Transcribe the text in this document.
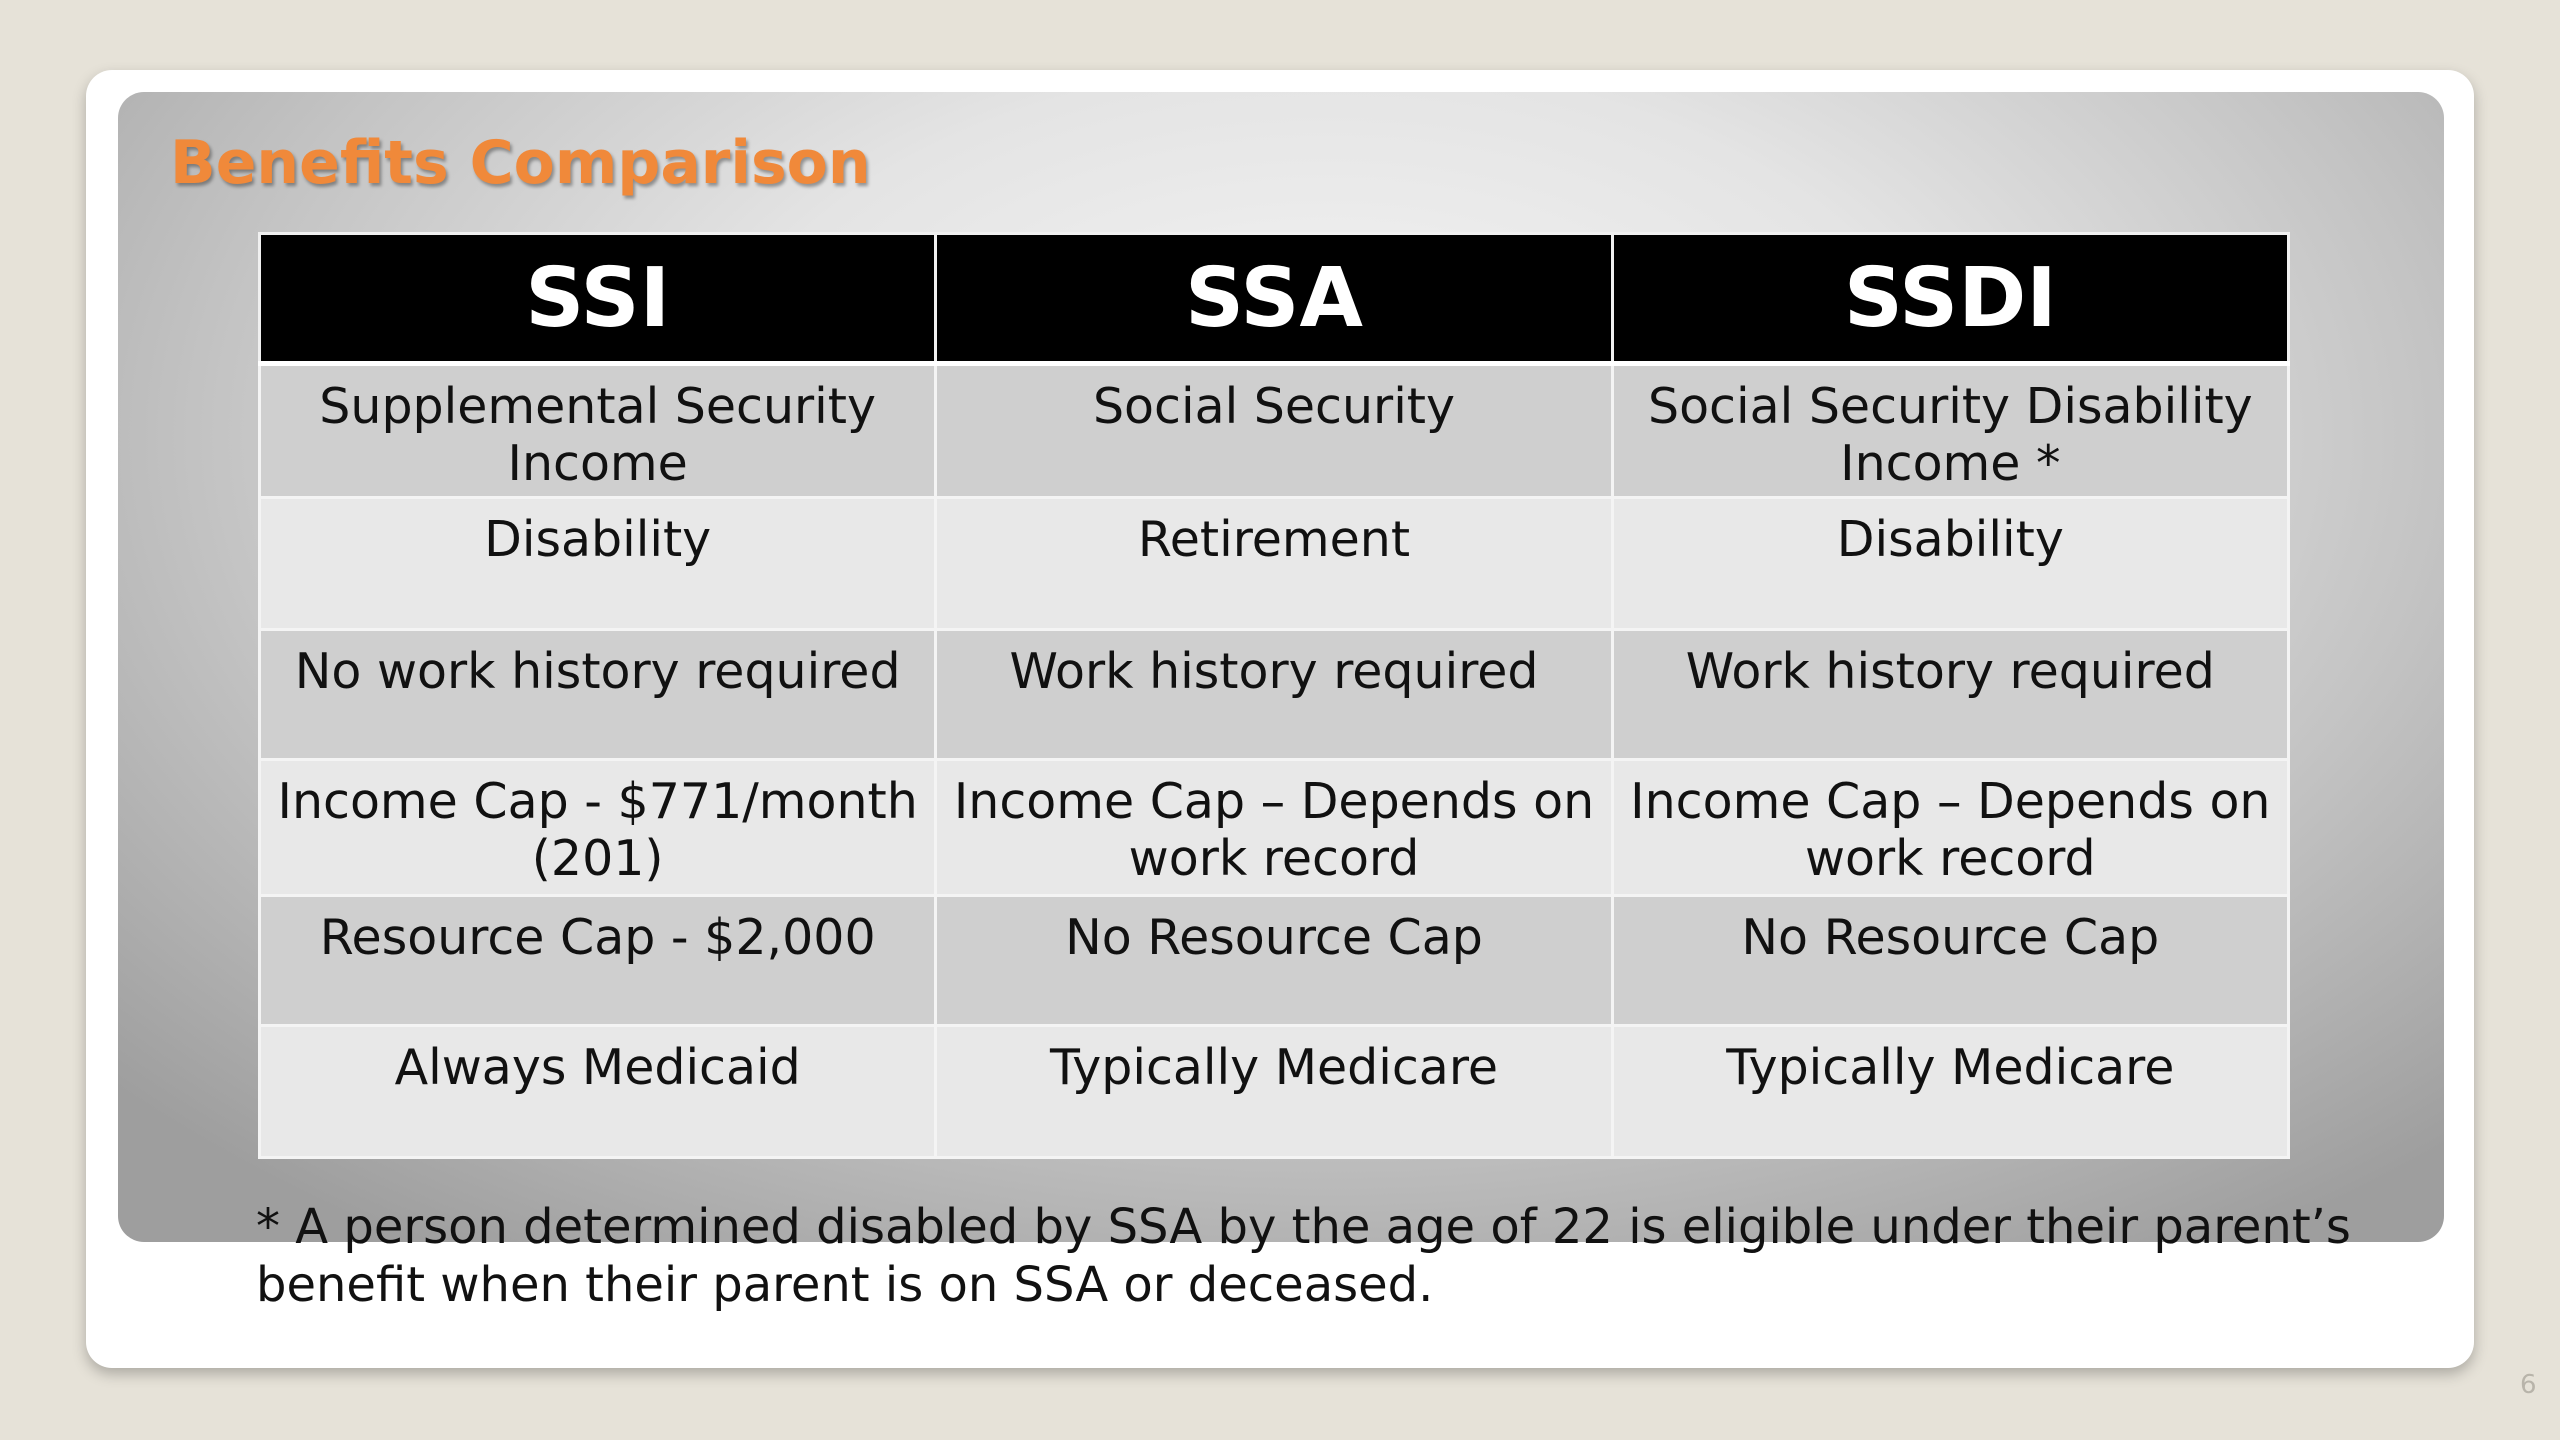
Benefits Comparison
SSI	SSA	SSDI
Supplemental Security Income	Social Security	Social Security Disability Income *
Disability	Retirement	Disability
No work history required	Work history required	Work history required
Income Cap - $771/month (201)	Income Cap – Depends on work record	Income Cap – Depends on work record
Resource Cap - $2,000	No Resource Cap	No Resource Cap
Always Medicaid	Typically Medicare	Typically Medicare

* A person determined disabled by SSA by the age of 22 is eligible under their parent’s benefit when their parent is on SSA or deceased.

6
